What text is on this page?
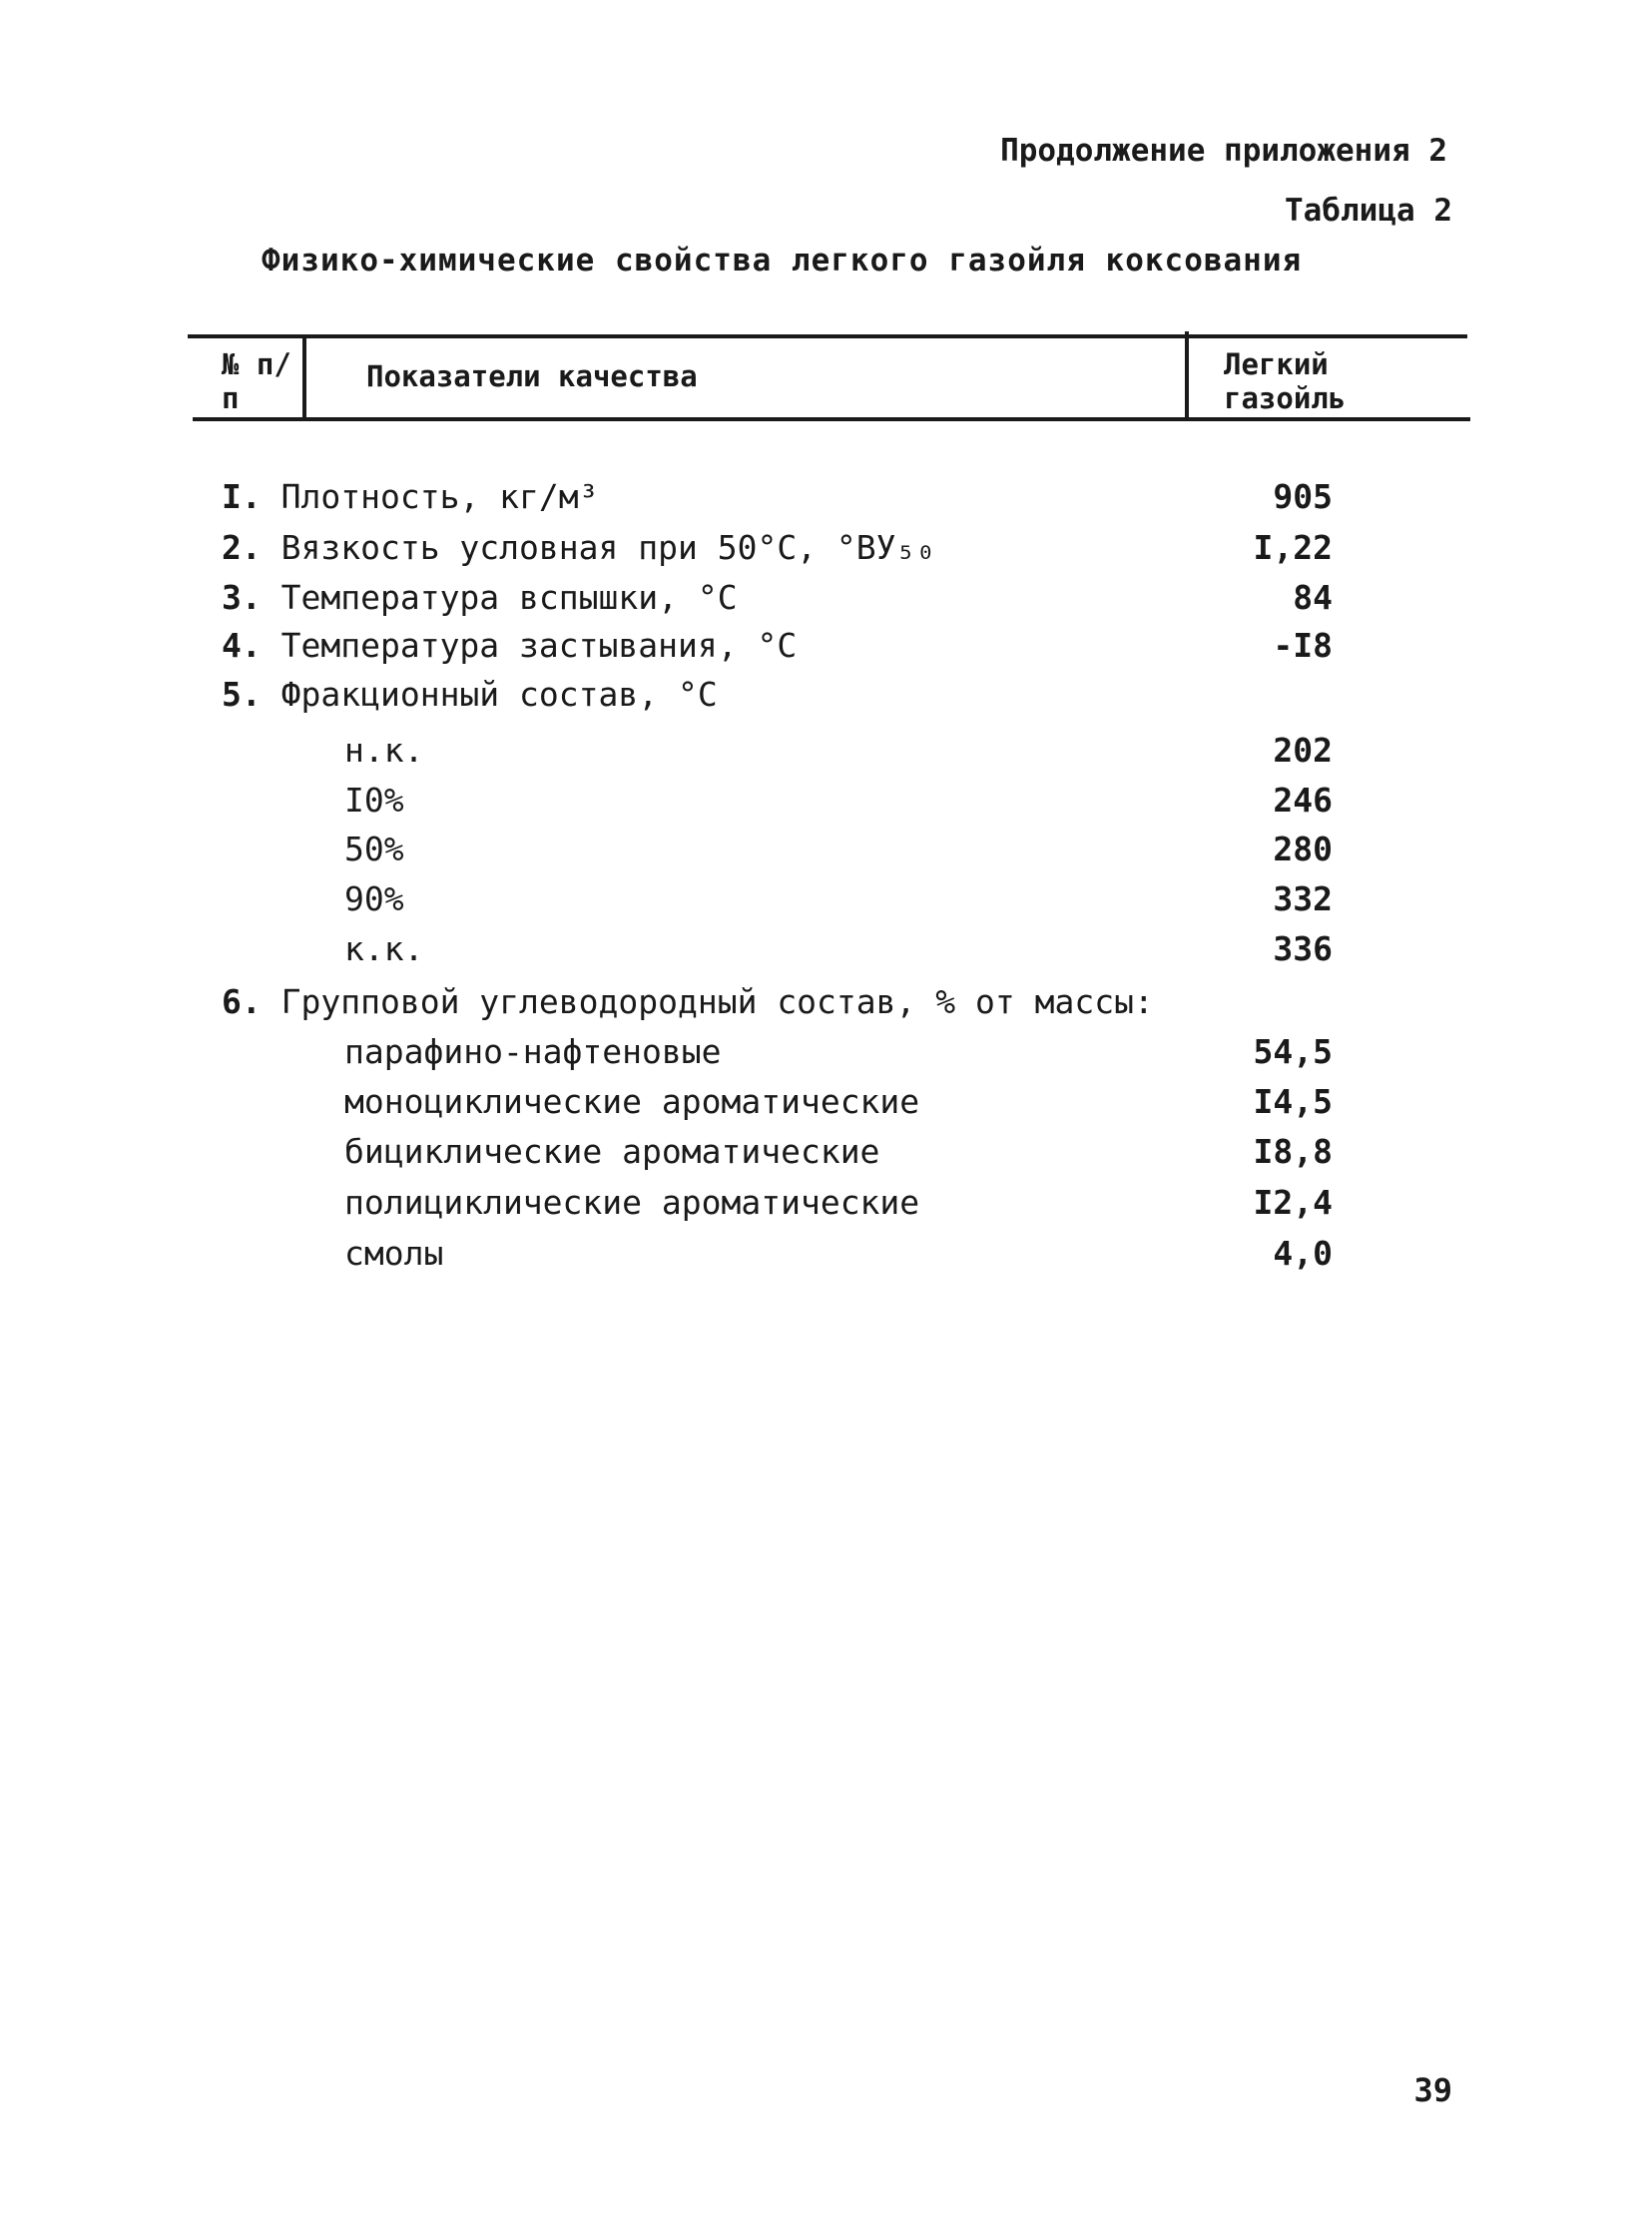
Продолжение приложения 2
Таблица 2
Физико-химические свойства легкого газойля коксования
№ п/п
Показатели качества	Легкий газойль
I. Плотность, кг/м³	905
2. Вязкость условная при 50°С, °ВУ₅₀	I,22
3. Температура вспышки, °С	84
4. Температура застывания, °С	-I8
5. Фракционный состав, °С
н.к.	202
I0%	246
50%	280
90%	332
к.к.	336
6. Групповой углеводородный состав, % от массы:
парафино-нафтеновые	54,5
моноциклические ароматические	I4,5
бициклические ароматические	I8,8
полициклические ароматические	I2,4
смолы	4,0
39
